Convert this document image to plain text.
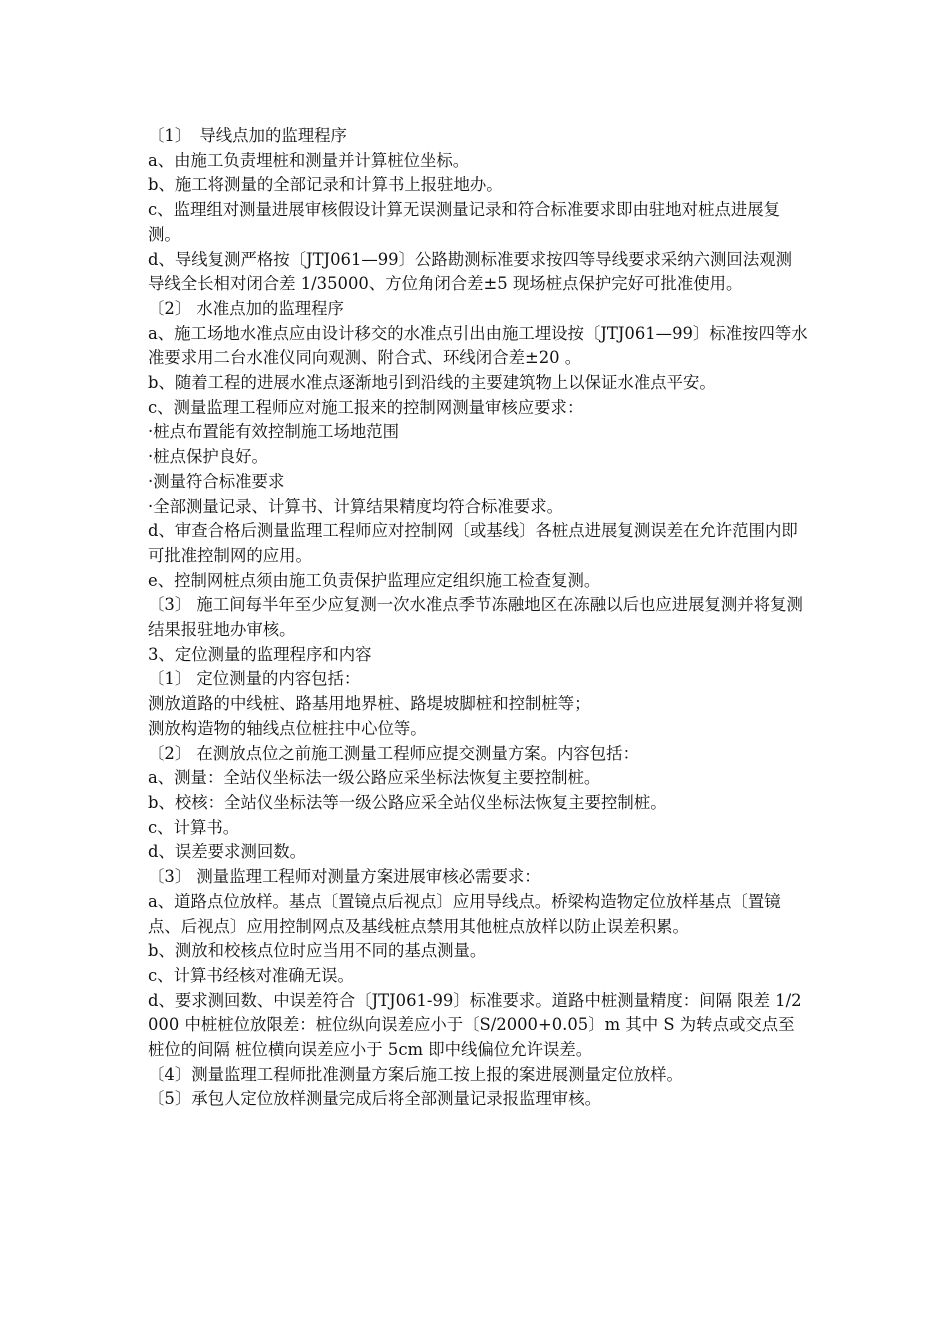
〔1〕　导线点加的监理程序

a、由施工负责埋桩和测量并计算桩位坐标。

b、施工将测量的全部记录和计算书上报驻地办。

c、监理组对测量进展审核假设计算无误测量记录和符合标准要求即由驻地对桩点进展复测。

d、导线复测严格按〔JTJ061—99〕公路勘测标准要求按四等导线要求采纳六测回法观测导线全长相对闭合差 1/35000、方位角闭合差±5 现场桩点保护完好可批准使用。

〔2〕 水准点加的监理程序

a、施工场地水准点应由设计移交的水准点引出由施工埋设按〔JTJ061—99〕标准按四等水准要求用二台水准仪同向观测、附合式、环线闭合差±20 。

b、随着工程的进展水准点逐渐地引到沿线的主要建筑物上以保证水准点平安。

c、测量监理工程师应对施工报来的控制网测量审核应要求：

·桩点布置能有效控制施工场地范围

·桩点保护良好。

·测量符合标准要求

·全部测量记录、计算书、计算结果精度均符合标准要求。

d、审查合格后测量监理工程师应对控制网〔或基线〕各桩点进展复测误差在允许范围内即可批准控制网的应用。

e、控制网桩点须由施工负责保护监理应定组织施工检查复测。

〔3〕 施工间每半年至少应复测一次水准点季节冻融地区在冻融以后也应进展复测并将复测结果报驻地办审核。

3、定位测量的监理程序和内容

〔1〕 定位测量的内容包括：

测放道路的中线桩、路基用地界桩、路堤坡脚桩和控制桩等；

测放构造物的轴线点位桩拄中心位等。

〔2〕 在测放点位之前施工测量工程师应提交测量方案。内容包括：

a、测量：全站仪坐标法一级公路应采坐标法恢复主要控制桩。

b、校核：全站仪坐标法等一级公路应采全站仪坐标法恢复主要控制桩。

c、计算书。

d、误差要求测回数。

〔3〕 测量监理工程师对测量方案进展审核必需要求：

a、道路点位放样。基点〔置镜点后视点〕应用导线点。桥梁构造物定位放样基点〔置镜点、后视点〕应用控制网点及基线桩点禁用其他桩点放样以防止误差积累。

b、测放和校核点位时应当用不同的基点测量。

c、计算书经核对准确无误。

d、要求测回数、中误差符合〔JTJ061-99〕标准要求。道路中桩测量精度：间隔 限差 1/2000 中桩桩位放限差：桩位纵向误差应小于〔S/2000+0.05〕m 其中 S 为转点或交点至桩位的间隔 桩位横向误差应小于 5cm 即中线偏位允许误差。

〔4〕测量监理工程师批准测量方案后施工按上报的案进展测量定位放样。

〔5〕承包人定位放样测量完成后将全部测量记录报监理审核。
